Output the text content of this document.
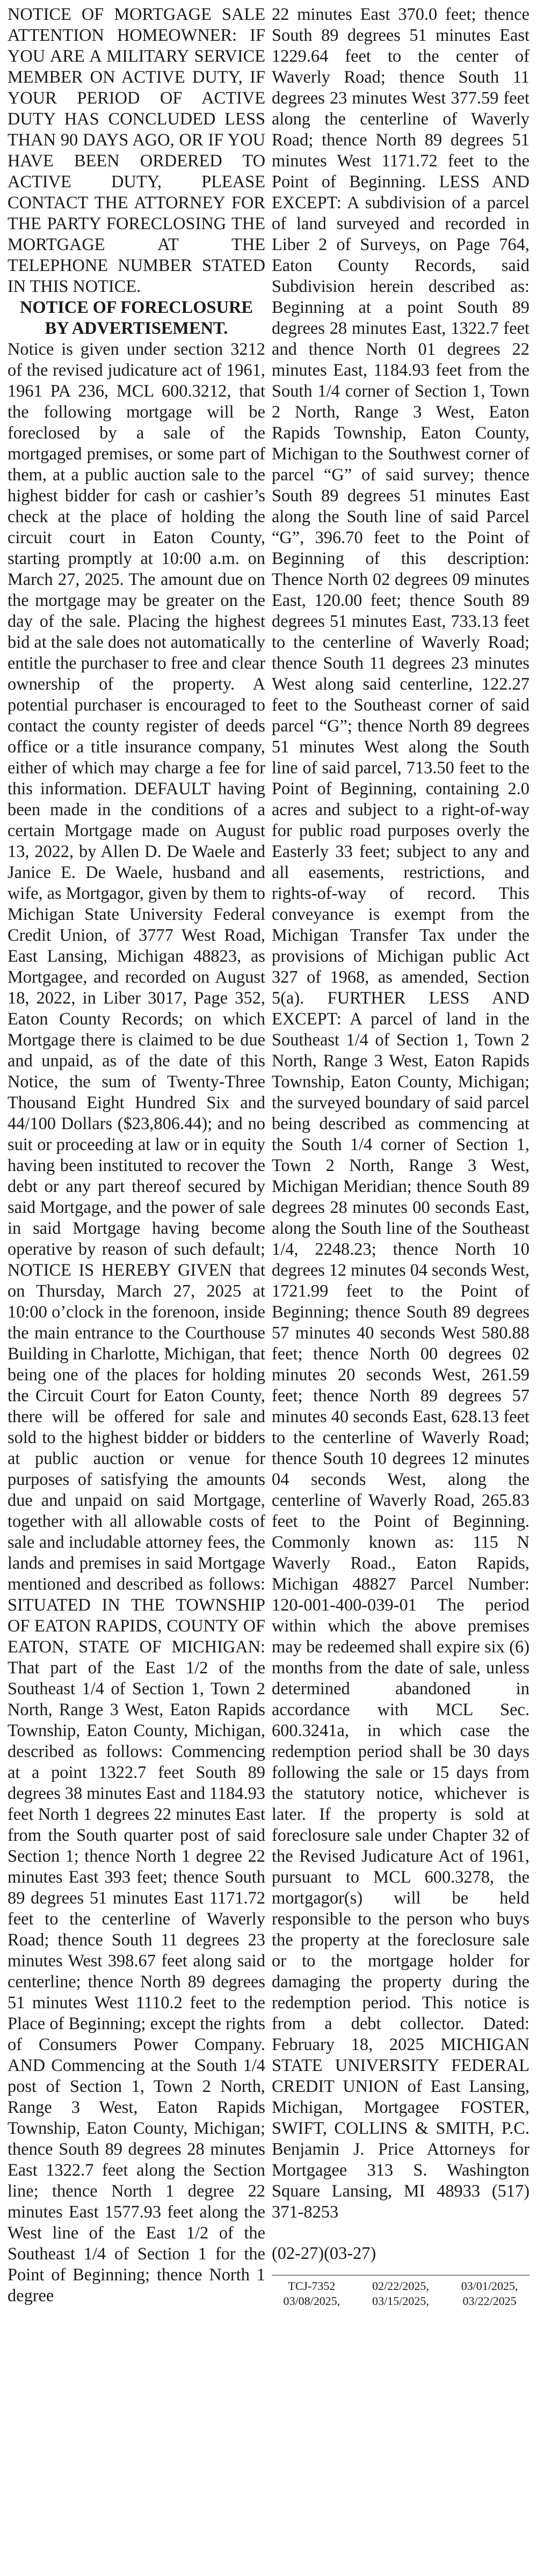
NOTICE OF MORTGAGE SALE ATTENTION HOMEOWNER: IF YOU ARE A MILITARY SERVICE MEMBER ON ACTIVE DUTY, IF YOUR PERIOD OF ACTIVE DUTY HAS CONCLUDED LESS THAN 90 DAYS AGO, OR IF YOU HAVE BEEN ORDERED TO ACTIVE DUTY, PLEASE CONTACT THE ATTORNEY FOR THE PARTY FORECLOSING THE MORTGAGE AT THE TELEPHONE NUMBER STATED IN THIS NOTICE.

NOTICE OF FORECLOSURE BY ADVERTISEMENT.

Notice is given under section 3212 of the revised judicature act of 1961, 1961 PA 236, MCL 600.3212, that the following mortgage will be foreclosed by a sale of the mortgaged premises, or some part of them, at a public auction sale to the highest bidder for cash or cashier’s check at the place of holding the circuit court in Eaton County, starting promptly at 10:00 a.m. on March 27, 2025. The amount due on the mortgage may be greater on the day of the sale. Placing the highest bid at the sale does not automatically entitle the purchaser to free and clear ownership of the property. A potential purchaser is encouraged to contact the county register of deeds office or a title insurance company, either of which may charge a fee for this information. DEFAULT having been made in the conditions of a certain Mortgage made on August 13, 2022, by Allen D. De Waele and Janice E. De Waele, husband and wife, as Mortgagor, given by them to Michigan State University Federal Credit Union, of 3777 West Road, East Lansing, Michigan 48823, as Mortgagee, and recorded on August 18, 2022, in Liber 3017, Page 352, Eaton County Records; on which Mortgage there is claimed to be due and unpaid, as of the date of this Notice, the sum of Twenty-Three Thousand Eight Hundred Six and 44/100 Dollars ($23,806.44); and no suit or proceeding at law or in equity having been instituted to recover the debt or any part thereof secured by said Mortgage, and the power of sale in said Mortgage having become operative by reason of such default; NOTICE IS HEREBY GIVEN that on Thursday, March 27, 2025 at 10:00 o’clock in the forenoon, inside the main entrance to the Courthouse Building in Charlotte, Michigan, that being one of the places for holding the Circuit Court for Eaton County, there will be offered for sale and sold to the highest bidder or bidders at public auction or venue for purposes of satisfying the amounts due and unpaid on said Mortgage, together with all allowable costs of sale and includable attorney fees, the lands and premises in said Mortgage mentioned and described as follows: SITUATED IN THE TOWNSHIP OF EATON RAPIDS, COUNTY OF EATON, STATE OF MICHIGAN: That part of the East 1/2 of the Southeast 1/4 of Section 1, Town 2 North, Range 3 West, Eaton Rapids Township, Eaton County, Michigan, described as follows: Commencing at a point 1322.7 feet South 89 degrees 38 minutes East and 1184.93 feet North 1 degrees 22 minutes East from the South quarter post of said Section 1; thence North 1 degree 22 minutes East 393 feet; thence South 89 degrees 51 minutes East 1171.72 feet to the centerline of Waverly Road; thence South 11 degrees 23 minutes West 398.67 feet along said centerline; thence North 89 degrees 51 minutes West 1110.2 feet to the Place of Beginning; except the rights of Consumers Power Company. AND Commencing at the South 1/4 post of Section 1, Town 2 North, Range 3 West, Eaton Rapids Township, Eaton County, Michigan; thence South 89 degrees 28 minutes East 1322.7 feet along the Section line; thence North 1 degree 22 minutes East 1577.93 feet along the West line of the East 1/2 of the Southeast 1/4 of Section 1 for the Point of Beginning; thence North 1 degree

22 minutes East 370.0 feet; thence South 89 degrees 51 minutes East 1229.64 feet to the center of Waverly Road; thence South 11 degrees 23 minutes West 377.59 feet along the centerline of Waverly Road; thence North 89 degrees 51 minutes West 1171.72 feet to the Point of Beginning. LESS AND EXCEPT: A subdivision of a parcel of land surveyed and recorded in Liber 2 of Surveys, on Page 764, Eaton County Records, said Subdivision herein described as: Beginning at a point South 89 degrees 28 minutes East, 1322.7 feet and thence North 01 degrees 22 minutes East, 1184.93 feet from the South 1/4 corner of Section 1, Town 2 North, Range 3 West, Eaton Rapids Township, Eaton County, Michigan to the Southwest corner of parcel “G” of said survey; thence South 89 degrees 51 minutes East along the South line of said Parcel “G”, 396.70 feet to the Point of Beginning of this description: Thence North 02 degrees 09 minutes East, 120.00 feet; thence South 89 degrees 51 minutes East, 733.13 feet to the centerline of Waverly Road; thence South 11 degrees 23 minutes West along said centerline, 122.27 feet to the Southeast corner of said parcel “G”; thence North 89 degrees 51 minutes West along the South line of said parcel, 713.50 feet to the Point of Beginning, containing 2.0 acres and subject to a right-of-way for public road purposes overly the Easterly 33 feet; subject to any and all easements, restrictions, and rights-of-way of record. This conveyance is exempt from the Michigan Transfer Tax under the provisions of Michigan public Act 327 of 1968, as amended, Section 5(a). FURTHER LESS AND EXCEPT: A parcel of land in the Southeast 1/4 of Section 1, Town 2 North, Range 3 West, Eaton Rapids Township, Eaton County, Michigan; the surveyed boundary of said parcel being described as commencing at the South 1/4 corner of Section 1, Town 2 North, Range 3 West, Michigan Meridian; thence South 89 degrees 28 minutes 00 seconds East, along the South line of the Southeast 1/4, 2248.23; thence North 10 degrees 12 minutes 04 seconds West, 1721.99 feet to the Point of Beginning; thence South 89 degrees 57 minutes 40 seconds West 580.88 feet; thence North 00 degrees 02 minutes 20 seconds West, 261.59 feet; thence North 89 degrees 57 minutes 40 seconds East, 628.13 feet to the centerline of Waverly Road; thence South 10 degrees 12 minutes 04 seconds West, along the centerline of Waverly Road, 265.83 feet to the Point of Beginning. Commonly known as: 115 N Waverly Road., Eaton Rapids, Michigan 48827 Parcel Number: 120-001-400-039-01 The period within which the above premises may be redeemed shall expire six (6) months from the date of sale, unless determined abandoned in accordance with MCL Sec. 600.3241a, in which case the redemption period shall be 30 days following the sale or 15 days from the statutory notice, whichever is later. If the property is sold at foreclosure sale under Chapter 32 of the Revised Judicature Act of 1961, pursuant to MCL 600.3278, the mortgagor(s) will be held responsible to the person who buys the property at the foreclosure sale or to the mortgage holder for damaging the property during the redemption period. This notice is from a debt collector. Dated: February 18, 2025 MICHIGAN STATE UNIVERSITY FEDERAL CREDIT UNION of East Lansing, Michigan, Mortgagee FOSTER, SWIFT, COLLINS & SMITH, P.C. Benjamin J. Price Attorneys for Mortgagee 313 S. Washington Square Lansing, MI 48933 (517) 371-8253

(02-27)(03-27)

TCJ-7352
03/08/2025,
02/22/2025,
03/15/2025,
03/01/2025,
03/22/2025
